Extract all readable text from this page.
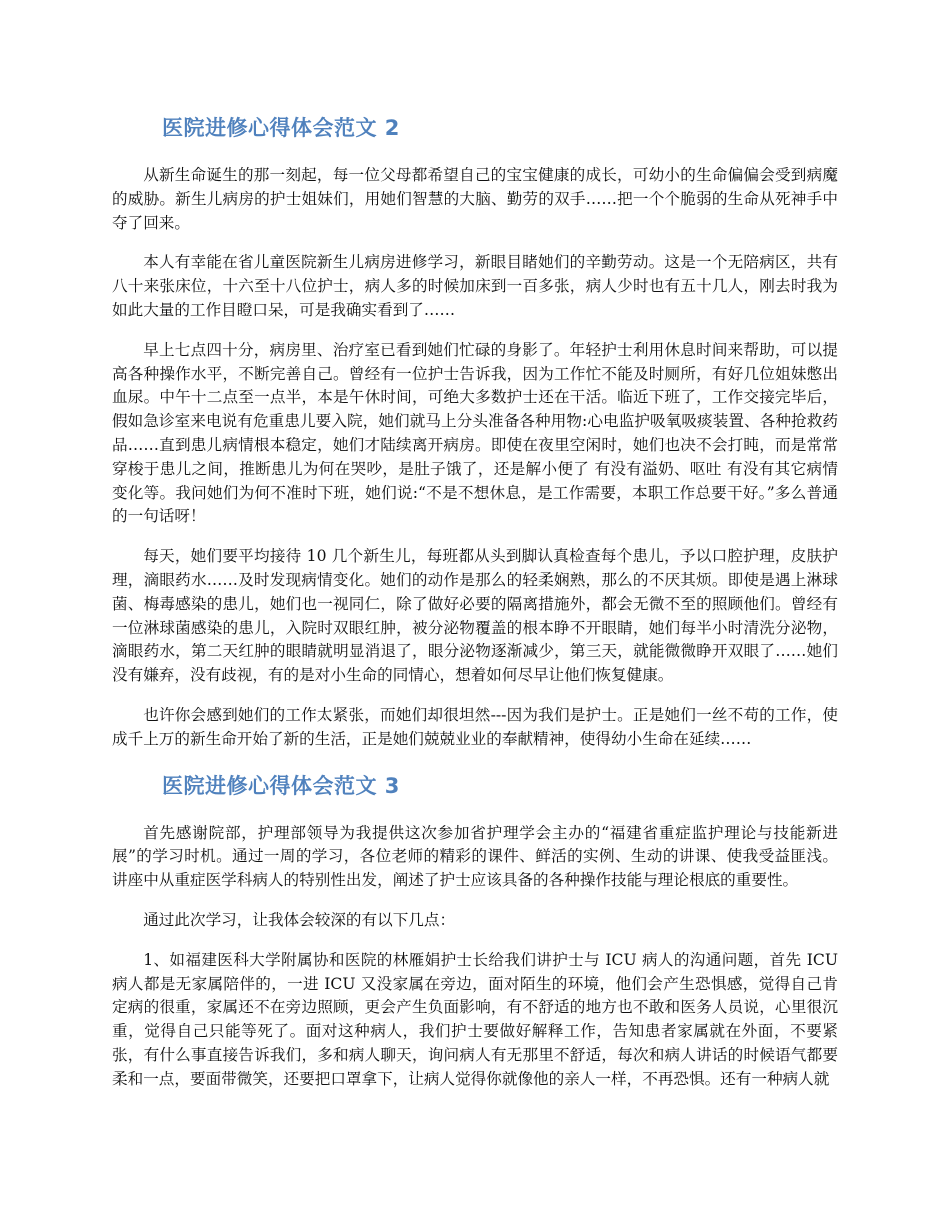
医院进修心得体会范文 2

从新生命诞生的那一刻起，每一位父母都希望自己的宝宝健康的成长，可幼小的生命偏偏会受到病魔的威胁。新生儿病房的护士姐妹们，用她们智慧的大脑、勤劳的双手……把一个个脆弱的生命从死神手中夺了回来。

本人有幸能在省儿童医院新生儿病房进修学习，新眼目睹她们的辛勤劳动。这是一个无陪病区，共有八十来张床位，十六至十八位护士，病人多的时候加床到一百多张，病人少时也有五十几人，刚去时我为如此大量的工作目瞪口呆，可是我确实看到了……

早上七点四十分，病房里、治疗室已看到她们忙碌的身影了。年轻护士利用休息时间来帮助，可以提高各种操作水平，不断完善自己。曾经有一位护士告诉我，因为工作忙不能及时厕所，有好几位姐妹憋出血尿。中午十二点至一点半，本是午休时间，可绝大多数护士还在干活。临近下班了，工作交接完毕后，假如急诊室来电说有危重患儿要入院，她们就马上分头准备各种用物:心电监护吸氧吸痰装置、各种抢救药品……直到患儿病情根本稳定，她们才陆续离开病房。即使在夜里空闲时，她们也决不会打盹，而是常常穿梭于患儿之间，推断患儿为何在哭吵，是肚子饿了，还是解小便了 有没有溢奶、呕吐 有没有其它病情变化等。我问她们为何不准时下班，她们说:“不是不想休息，是工作需要，本职工作总要干好。”多么普通的一句话呀！

每天，她们要平均接待 10 几个新生儿，每班都从头到脚认真检查每个患儿，予以口腔护理，皮肤护理，滴眼药水……及时发现病情变化。她们的动作是那么的轻柔娴熟，那么的不厌其烦。即使是遇上淋球菌、梅毒感染的患儿，她们也一视同仁，除了做好必要的隔离措施外，都会无微不至的照顾他们。曾经有一位淋球菌感染的患儿，入院时双眼红肿，被分泌物覆盖的根本睁不开眼睛，她们每半小时清洗分泌物，滴眼药水，第二天红肿的眼睛就明显消退了，眼分泌物逐渐减少，第三天，就能微微睁开双眼了……她们没有嫌弃，没有歧视，有的是对小生命的同情心，想着如何尽早让他们恢复健康。

也许你会感到她们的工作太紧张，而她们却很坦然---因为我们是护士。正是她们一丝不苟的工作，使成千上万的新生命开始了新的生活，正是她们兢兢业业的奉献精神，使得幼小生命在延续……

医院进修心得体会范文 3

首先感谢院部，护理部领导为我提供这次参加省护理学会主办的“福建省重症监护理论与技能新进展”的学习时机。通过一周的学习，各位老师的精彩的课件、鲜活的实例、生动的讲课、使我受益匪浅。 讲座中从重症医学科病人的特别性出发，阐述了护士应该具备的各种操作技能与理论根底的重要性。

通过此次学习，让我体会较深的有以下几点：

1、如福建医科大学附属协和医院的林雁娟护士长给我们讲护士与 ICU 病人的沟通问题，首先 ICU 病人都是无家属陪伴的，一进 ICU 又没家属在旁边，面对陌生的环境，他们会产生恐惧感，觉得自己肯定病的很重，家属还不在旁边照顾，更会产生负面影响，有不舒适的地方也不敢和医务人员说，心里很沉重，觉得自己只能等死了。面对这种病人，我们护士要做好解释工作，告知患者家属就在外面，不要紧张，有什么事直接告诉我们，多和病人聊天，询问病人有无那里不舒适，每次和病人讲话的时候语气都要柔和一点，要面带微笑，还要把口罩拿下，让病人觉得你就像他的亲人一样，不再恐惧。还有一种病人就
